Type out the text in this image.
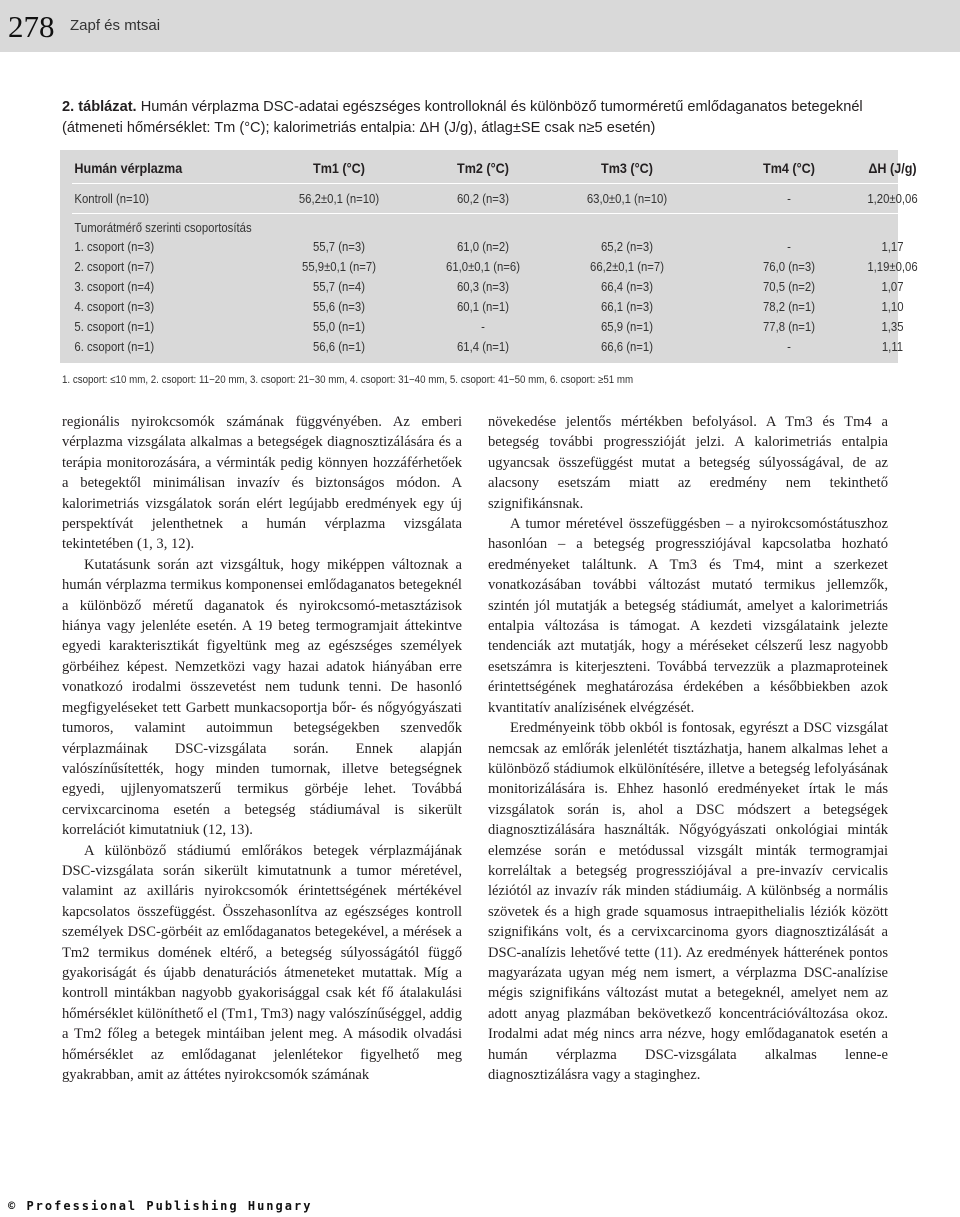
278 Zapf és mtsai
2. táblázat. Humán vérplazma DSC-adatai egészséges kontrolloknál és különböző tumorméretű emlődaganatos betegeknél (átmeneti hőmérséklet: Tm (°C); kalorimetriás entalpia: ΔH (J/g), átlag±SE csak n≥5 esetén)
Humán vérplazma	Tm1 (°C)	Tm2 (°C)	Tm3 (°C)	Tm4 (°C)	ΔH (J/g)
Kontroll (n=10)	56,2±0,1 (n=10)	60,2 (n=3)	63,0±0,1 (n=10)	-	1,20±0,06
Tumorátmérő szerinti csoportosítás
1. csoport (n=3)	55,7 (n=3)	61,0 (n=2)	65,2 (n=3)	-	1,17
2. csoport (n=7)	55,9±0,1 (n=7)	61,0±0,1 (n=6)	66,2±0,1 (n=7)	76,0 (n=3)	1,19±0,06
3. csoport (n=4)	55,7 (n=4)	60,3 (n=3)	66,4 (n=3)	70,5 (n=2)	1,07
4. csoport (n=3)	55,6 (n=3)	60,1 (n=1)	66,1 (n=3)	78,2 (n=1)	1,10
5. csoport (n=1)	55,0 (n=1)	-	65,9 (n=1)	77,8 (n=1)	1,35
6. csoport (n=1)	56,6 (n=1)	61,4 (n=1)	66,6 (n=1)	-	1,11
1. csoport: ≤10 mm, 2. csoport: 11−20 mm, 3. csoport: 21−30 mm, 4. csoport: 31−40 mm, 5. csoport: 41−50 mm, 6. csoport: ≥51 mm

regionális nyirokcsomók számának függvényében. Az emberi vérplazma vizsgálata alkalmas a betegségek diagnosztizálására és a terápia monitorozására, a vérminták pedig könnyen hozzáférhetőek a betegektől minimálisan invazív és biztonságos módon. A kalorimetriás vizsgálatok során elért legújabb eredmények egy új perspektívát jelenthetnek a humán vérplazma vizsgálata tekintetében (1, 3, 12).

Kutatásunk során azt vizsgáltuk, hogy miképpen változnak a humán vérplazma termikus komponensei emlődaganatos betegeknél a különböző méretű daganatok és nyirokcsomó-metasztázisok hiánya vagy jelenléte esetén. A 19 beteg termogramjait áttekintve egyedi karakterisztikát figyeltünk meg az egészséges személyek görbéihez képest. Nemzetközi vagy hazai adatok hiányában erre vonatkozó irodalmi összevetést nem tudunk tenni. De hasonló megfigyeléseket tett Garbett munkacsoportja bőr- és nőgyógyászati tumoros, valamint autoimmun betegségekben szenvedők vérplazmáinak DSC-vizsgálata során. Ennek alapján valószínűsítették, hogy minden tumornak, illetve betegségnek egyedi, ujjlenyomatszerű termikus görbéje lehet. Továbbá cervixcarcinoma esetén a betegség stádiumával is sikerült korrelációt kimutatniuk (12, 13).

A különböző stádiumú emlőrákos betegek vérplazmájának DSC-vizsgálata során sikerült kimutatnunk a tumor méretével, valamint az axilláris nyirokcsomók érintettségének mértékével kapcsolatos összefüggést. Összehasonlítva az egészséges kontroll személyek DSC-görbéit az emlődaganatos betegekével, a mérések a Tm2 termikus domének eltérő, a betegség súlyosságától függő gyakoriságát és újabb denaturációs átmeneteket mutattak. Míg a kontroll mintákban nagyobb gyakorisággal csak két fő átalakulási hőmérséklet különíthető el (Tm1, Tm3) nagy valószínűséggel, addig a Tm2 főleg a betegek mintáiban jelent meg. A második olvadási hőmérséklet az emlődaganat jelenlétekor figyelhető meg gyakrabban, amit az áttétes nyirokcsomók számának

növekedése jelentős mértékben befolyásol. A Tm3 és Tm4 a betegség további progresszióját jelzi. A kalorimetriás entalpia ugyancsak összefüggést mutat a betegség súlyosságával, de az alacsony esetszám miatt az eredmény nem tekinthető szignifikánsnak.

A tumor méretével összefüggésben – a nyirokcsomóstátuszhoz hasonlóan – a betegség progressziójával kapcsolatba hozható eredményeket találtunk. A Tm3 és Tm4, mint a szerkezet vonatkozásában további változást mutató termikus jellemzők, szintén jól mutatják a betegség stádiumát, amelyet a kalorimetriás entalpia változása is támogat. A kezdeti vizsgálataink jelezte tendenciák azt mutatják, hogy a méréseket célszerű lesz nagyobb esetszámra is kiterjeszteni. Továbbá tervezzük a plazmaproteinek érintettségének meghatározása érdekében a későbbiekben azok kvantitatív analízisének elvégzését.

Eredményeink több okból is fontosak, egyrészt a DSC vizsgálat nemcsak az emlőrák jelenlétét tisztázhatja, hanem alkalmas lehet a különböző stádiumok elkülönítésére, illetve a betegség lefolyásának monitorizálására is. Ehhez hasonló eredményeket írtak le más vizsgálatok során is, ahol a DSC módszert a betegségek diagnosztizálására használták. Nőgyógyászati onkológiai minták elemzése során e metódussal vizsgált minták termogramjai korreláltak a betegség progressziójával a pre-invazív cervicalis léziótól az invazív rák minden stádiumáig. A különbség a normális szövetek és a high grade squamosus intraepithelialis léziók között szignifikáns volt, és a cervixcarcinoma gyors diagnosztizálását a DSC-analízis lehetővé tette (11). Az eredmények hátterének pontos magyarázata ugyan még nem ismert, a vérplazma DSC-analízise mégis szignifikáns változást mutat a betegeknél, amelyet nem az adott anyag plazmában bekövetkező koncentrációváltozása okoz. Irodalmi adat még nincs arra nézve, hogy emlődaganatok esetén a humán vérplazma DSC-vizsgálata alkalmas lenne-e diagnosztizálásra vagy a staginghez.

© Professional Publishing Hungary
